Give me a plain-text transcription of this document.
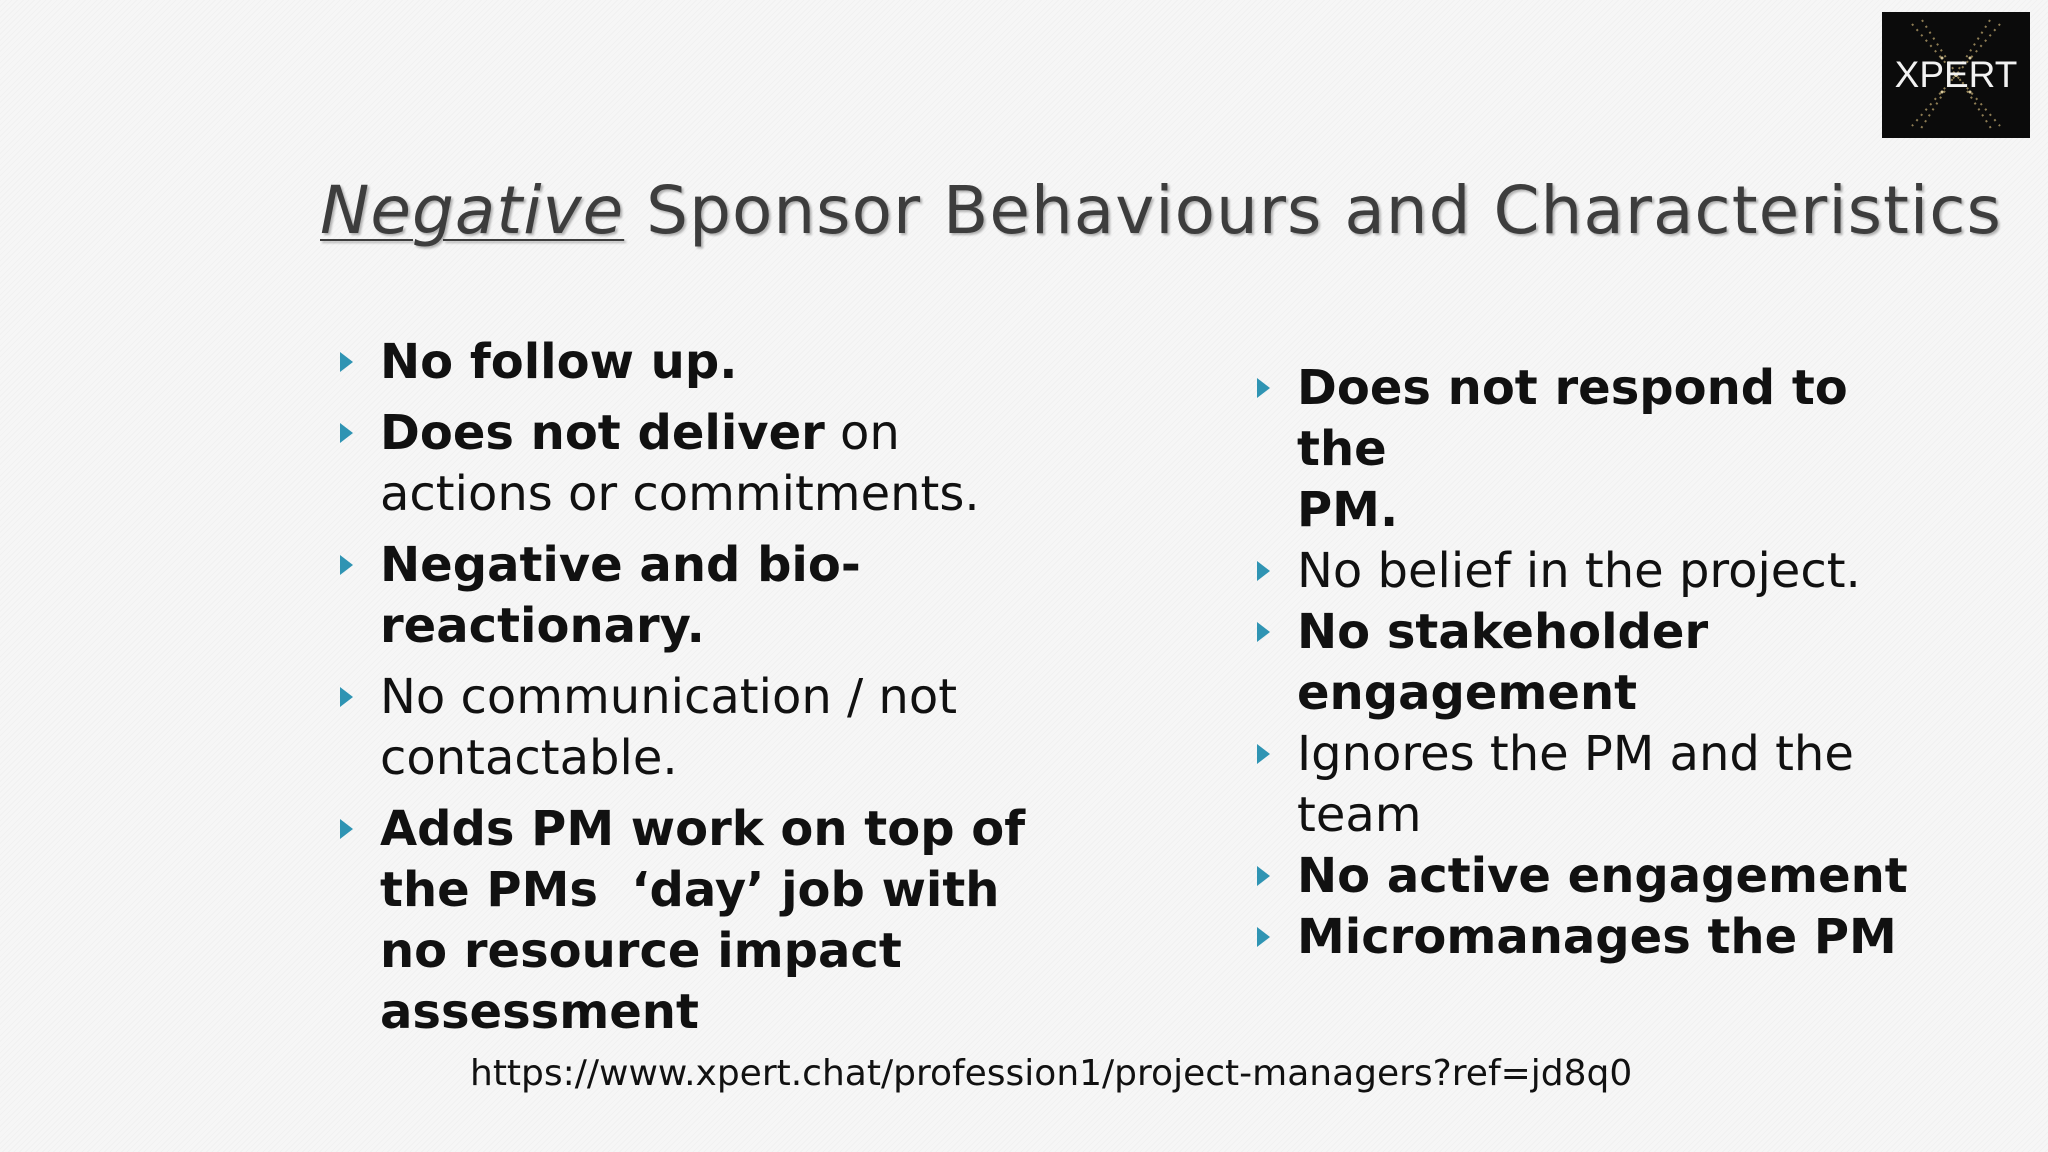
XPERT
Negative Sponsor Behaviours and Characteristics
No follow up.
Does not deliver on
actions or commitments.
Negative and bio-
reactionary.
No communication / not
contactable.
Adds PM work on top of
the PMs  ‘day’ job with
no resource impact
assessment
Does not respond to the
PM.
No belief in the project.
No stakeholder
engagement
Ignores the PM and the
team
No active engagement
Micromanages the PM
https://www.xpert.chat/profession1/project-managers?ref=jd8q0
